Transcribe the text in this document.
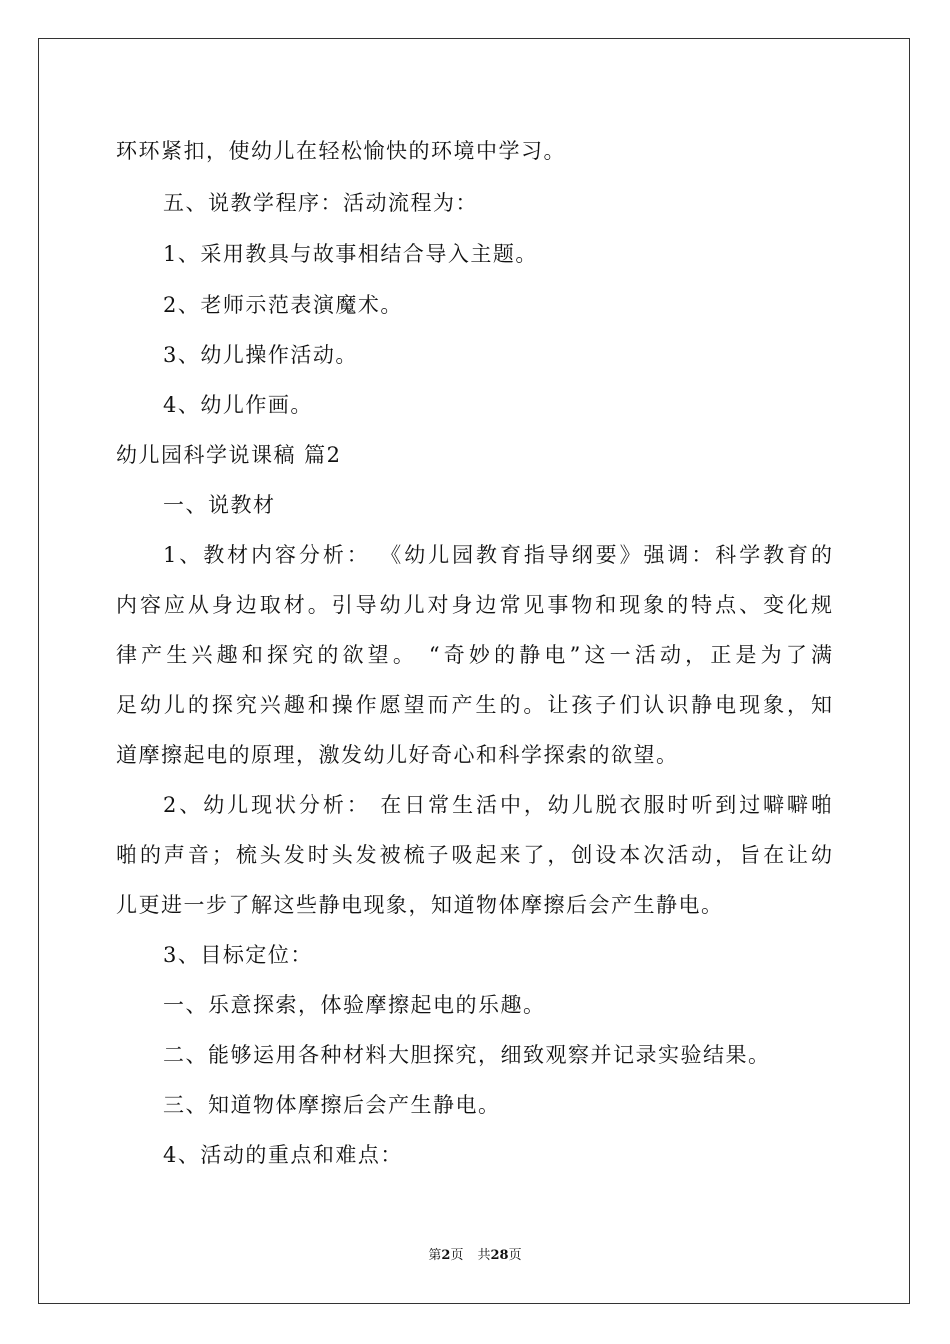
环环紧扣，使幼儿在轻松愉快的环境中学习。
五、说教学程序：活动流程为：
1、采用教具与故事相结合导入主题。
2、老师示范表演魔术。
3、幼儿操作活动。
4、幼儿作画。
幼儿园科学说课稿 篇2
一、说教材
1、教材内容分析： 《幼儿园教育指导纲要》强调：科学教育的
内容应从身边取材。引导幼儿对身边常见事物和现象的特点、变化规
律产生兴趣和探究的欲望。 “奇妙的静电”这一活动，正是为了满
足幼儿的探究兴趣和操作愿望而产生的。让孩子们认识静电现象，知
道摩擦起电的原理，激发幼儿好奇心和科学探索的欲望。
2、幼儿现状分析： 在日常生活中，幼儿脱衣服时听到过噼噼啪
啪的声音；梳头发时头发被梳子吸起来了，创设本次活动，旨在让幼
儿更进一步了解这些静电现象，知道物体摩擦后会产生静电。
3、目标定位：
一、乐意探索，体验摩擦起电的乐趣。
二、能够运用各种材料大胆探究，细致观察并记录实验结果。
三、知道物体摩擦后会产生静电。
4、活动的重点和难点：
第2页 共28页
